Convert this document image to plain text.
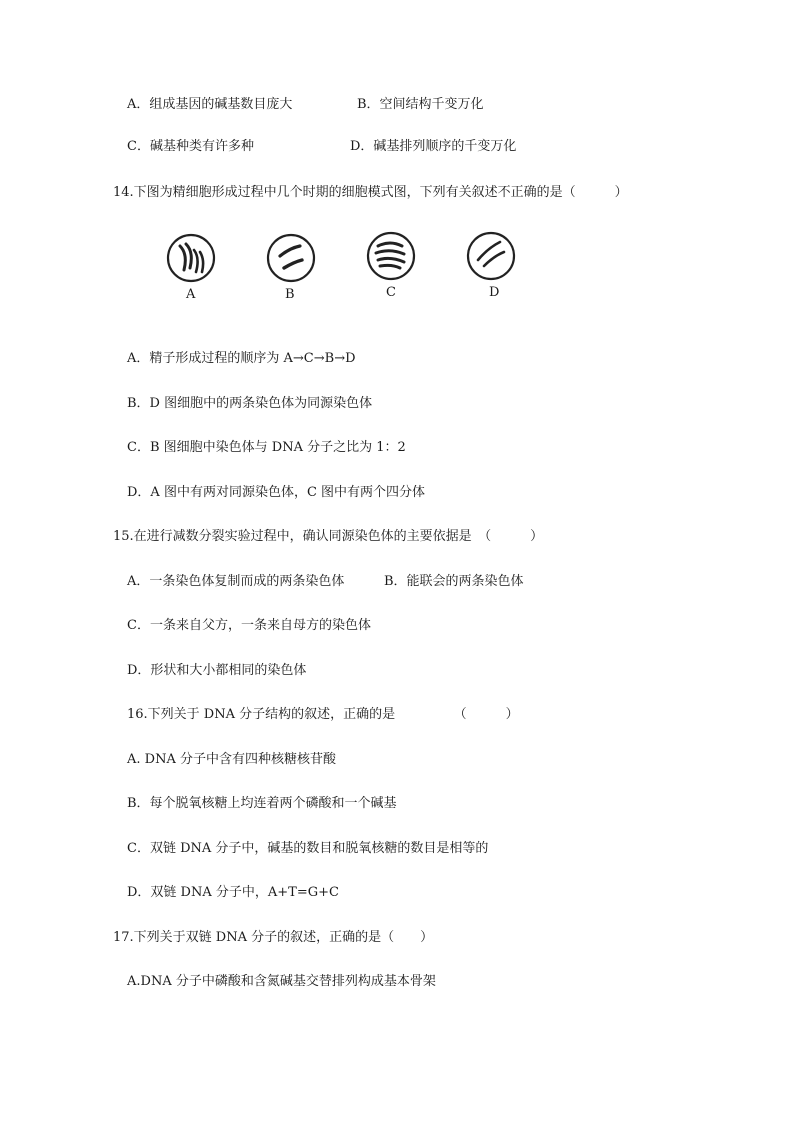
A．组成基因的碱基数目庞大	B．空间结构千变万化
C．碱基种类有许多种	D．碱基排列顺序的千变万化
14.下图为精细胞形成过程中几个时期的细胞模式图，下列有关叙述不正确的是（　　　）
A	B	C	D
A．精子形成过程的顺序为 A→C→B→D
B．D 图细胞中的两条染色体为同源染色体
C．B 图细胞中染色体与 DNA 分子之比为 1：2
D．A 图中有两对同源染色体，C 图中有两个四分体
15.在进行减数分裂实验过程中，确认同源染色体的主要依据是　（　　　）
A．一条染色体复制而成的两条染色体	B．能联会的两条染色体
C．一条来自父方，一条来自母方的染色体
D．形状和大小都相同的染色体
16.下列关于 DNA 分子结构的叙述，正确的是　　　　　（　　　）
A. DNA 分子中含有四种核糖核苷酸
B．每个脱氧核糖上均连着两个磷酸和一个碱基
C．双链 DNA 分子中，碱基的数目和脱氧核糖的数目是相等的
D．双链 DNA 分子中，A+T=G+C
17.下列关于双链 DNA 分子的叙述，正确的是（　　）
A.DNA 分子中磷酸和含氮碱基交替排列构成基本骨架
